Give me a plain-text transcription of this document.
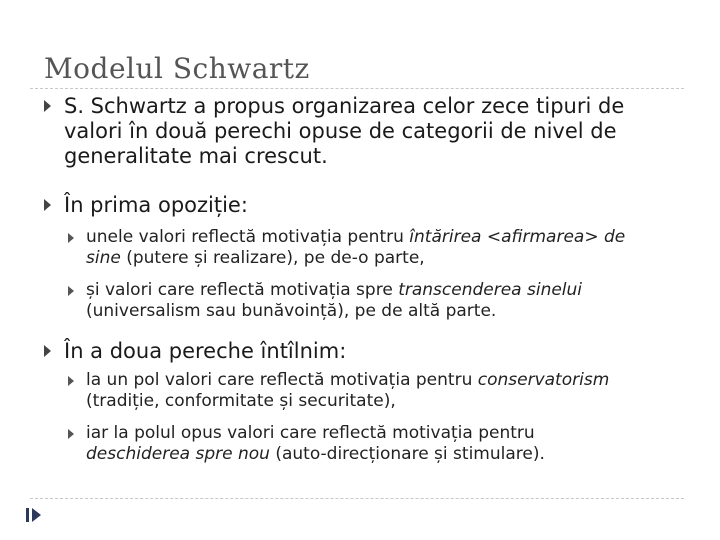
Modelul Schwartz
S. Schwartz a propus organizarea celor zece tipuri de
valori în două perechi opuse de categorii de nivel de
generalitate mai crescut.
În prima opoziție:
unele valori reflectă motivația pentru întărirea <afirmarea> de
sine (putere și realizare), pe de-o parte,
și valori care reflectă motivația spre transcenderea sinelui
(universalism sau bunăvoință), pe de altă parte.
În a doua pereche întîlnim:
la un pol valori care reflectă motivația pentru conservatorism
(tradiție, conformitate și securitate),
iar la polul opus valori care reflectă motivația pentru
deschiderea spre nou (auto-direcționare și stimulare).
